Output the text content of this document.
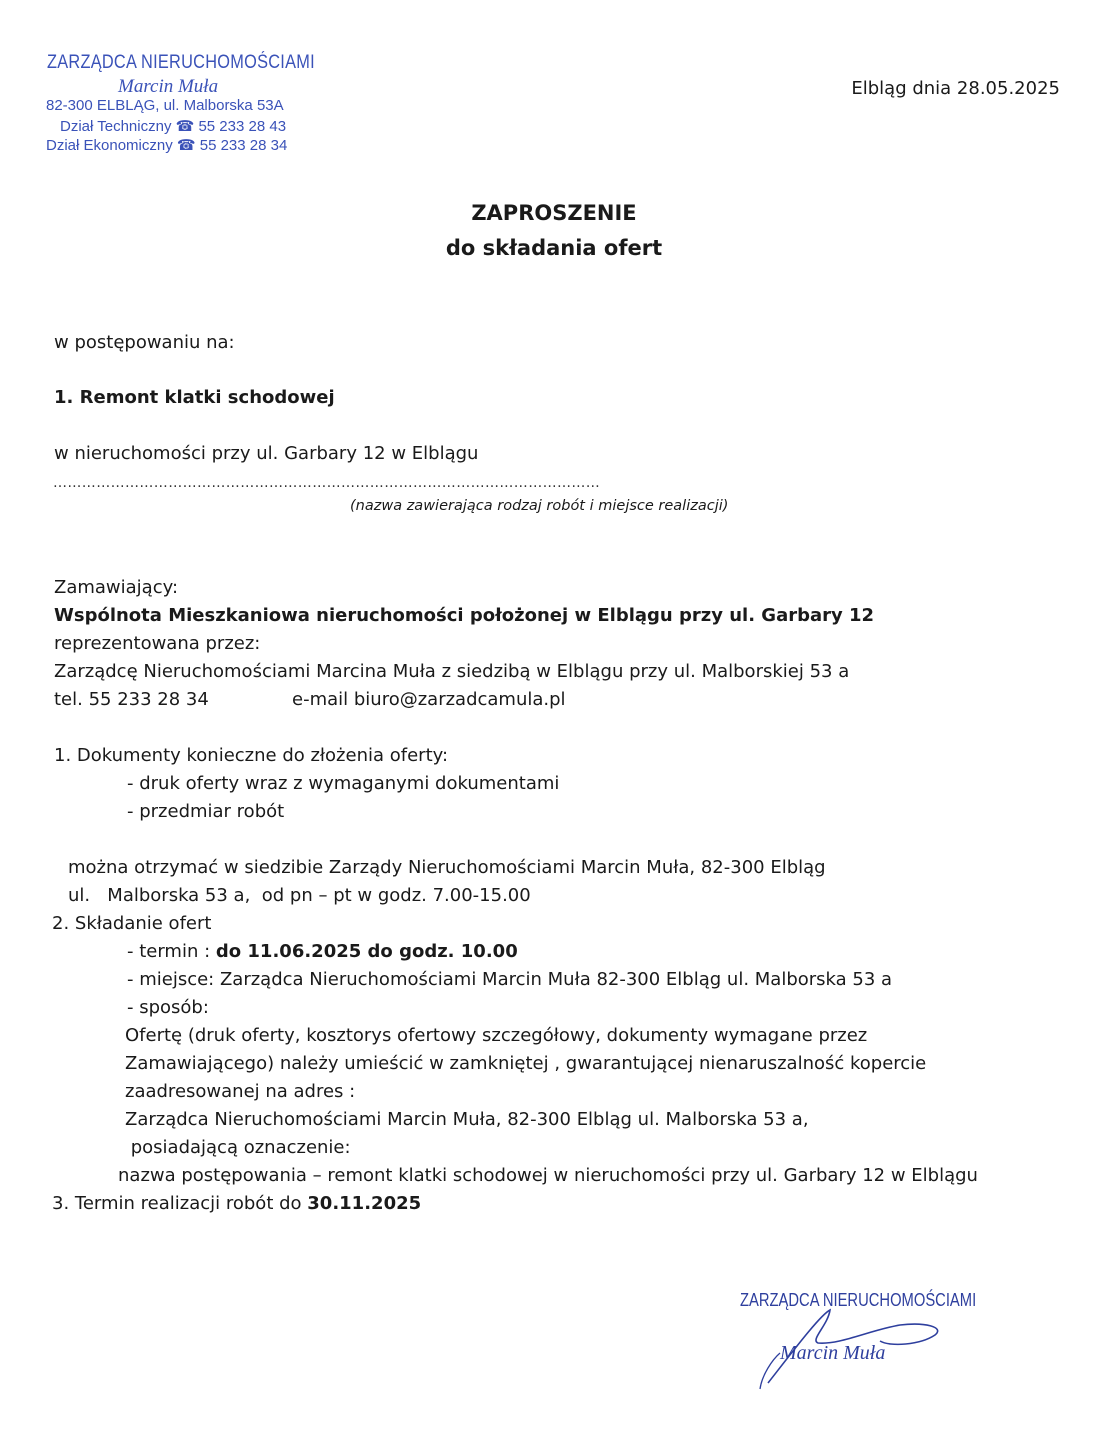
ZARZĄDCA NIERUCHOMOŚCIAMI
Marcin Muła
82-300 ELBLĄG, ul. Malborska 53A
Dział Techniczny ☎ 55 233 28 43
Dział Ekonomiczny ☎ 55 233 28 34
Elbląg dnia 28.05.2025
ZAPROSZENIE
do składania ofert
w postępowaniu na:
1. Remont klatki schodowej
w nieruchomości przy ul. Garbary 12 w Elblągu
……………………………………………………………………………………………………
(nazwa zawierająca rodzaj robót i miejsce realizacji)
Zamawiający:
Wspólnota Mieszkaniowa nieruchomości położonej w Elblągu przy ul. Garbary 12
reprezentowana przez:
Zarządcę Nieruchomościami Marcina Muła z siedzibą w Elblągu przy ul. Malborskiej 53 a
tel. 55 233 28 34	e-mail biuro@zarzadcamula.pl
1. Dokumenty konieczne do złożenia oferty:
- druk oferty wraz z wymaganymi dokumentami
- przedmiar robót
można otrzymać w siedzibie Zarządy Nieruchomościami Marcin Muła, 82-300 Elbląg
ul.   Malborska 53 a,  od pn – pt w godz. 7.00-15.00
2. Składanie ofert
- termin : do 11.06.2025 do godz. 10.00
- miejsce: Zarządca Nieruchomościami Marcin Muła 82-300 Elbląg ul. Malborska 53 a
- sposób:
Ofertę (druk oferty, kosztorys ofertowy szczegółowy, dokumenty wymagane przez
Zamawiającego) należy umieścić w zamkniętej , gwarantującej nienaruszalność kopercie
zaadresowanej na adres :
Zarządca Nieruchomościami Marcin Muła, 82-300 Elbląg ul. Malborska 53 a,
posiadającą oznaczenie:
nazwa postępowania – remont klatki schodowej w nieruchomości przy ul. Garbary 12 w Elblągu
3. Termin realizacji robót do 30.11.2025
ZARZĄDCA NIERUCHOMOŚCIAMI
Marcin Muła
